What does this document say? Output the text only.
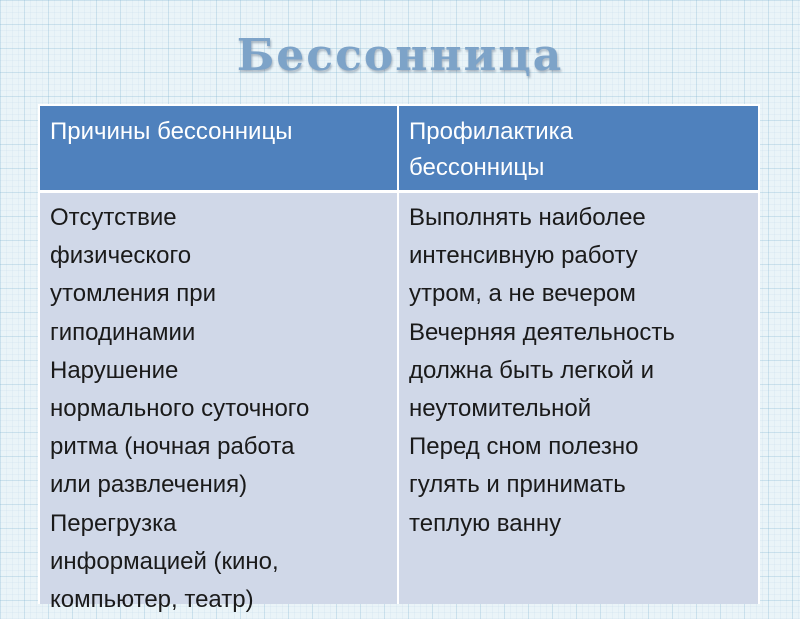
Бессонница
Причины бессонницы	Профилактика
бессонницы
Отсутствие
физического
утомления при
гиподинамии
Нарушение
нормального суточного
ритма (ночная работа
или развлечения)
Перегрузка
информацией (кино,
компьютер, театр)
Выполнять наиболее
интенсивную работу
утром, а не вечером
Вечерняя деятельность
должна быть легкой и
неутомительной
Перед сном полезно
гулять и принимать
теплую ванну
